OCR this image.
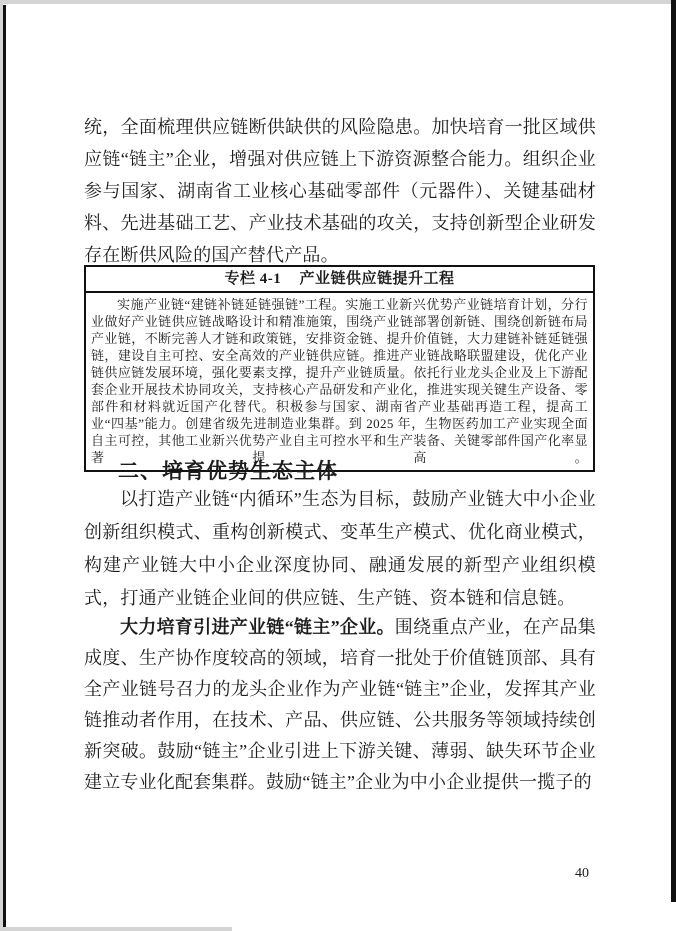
统，全面梳理供应链断供缺供的风险隐患。加快培育一批区域供应链“链主”企业，增强对供应链上下游资源整合能力。组织企业参与国家、湖南省工业核心基础零部件（元器件）、关键基础材料、先进基础工艺、产业技术基础的攻关，支持创新型企业研发存在断供风险的国产替代产品。
专栏 4-1 产业链供应链提升工程
实施产业链“建链补链延链强链”工程。实施工业新兴优势产业链培育计划，分行业做好产业链供应链战略设计和精准施策，围绕产业链部署创新链、围绕创新链布局产业链，不断完善人才链和政策链，安排资金链、提升价值链，大力建链补链延链强链，建设自主可控、安全高效的产业链供应链。推进产业链战略联盟建设，优化产业链供应链发展环境，强化要素支撑，提升产业链质量。依托行业龙头企业及上下游配套企业开展技术协同攻关，支持核心产品研发和产业化，推进实现关键生产设备、零部件和材料就近国产化替代。积极参与国家、湖南省产业基础再造工程，提高工业“四基”能力。创建省级先进制造业集群。到 2025 年，生物医药加工产业实现全面自主可控，其他工业新兴优势产业自主可控水平和生产装备、关键零部件国产化率显著提高。
二、培育优势生态主体
以打造产业链“内循环”生态为目标，鼓励产业链大中小企业创新组织模式、重构创新模式、变革生产模式、优化商业模式，构建产业链大中小企业深度协同、融通发展的新型产业组织模式，打通产业链企业间的供应链、生产链、资本链和信息链。
大力培育引进产业链“链主”企业。围绕重点产业，在产品集成度、生产协作度较高的领域，培育一批处于价值链顶部、具有全产业链号召力的龙头企业作为产业链“链主”企业，发挥其产业链推动者作用，在技术、产品、供应链、公共服务等领域持续创新突破。鼓励“链主”企业引进上下游关键、薄弱、缺失环节企业建立专业化配套集群。鼓励“链主”企业为中小企业提供一揽子的
40
